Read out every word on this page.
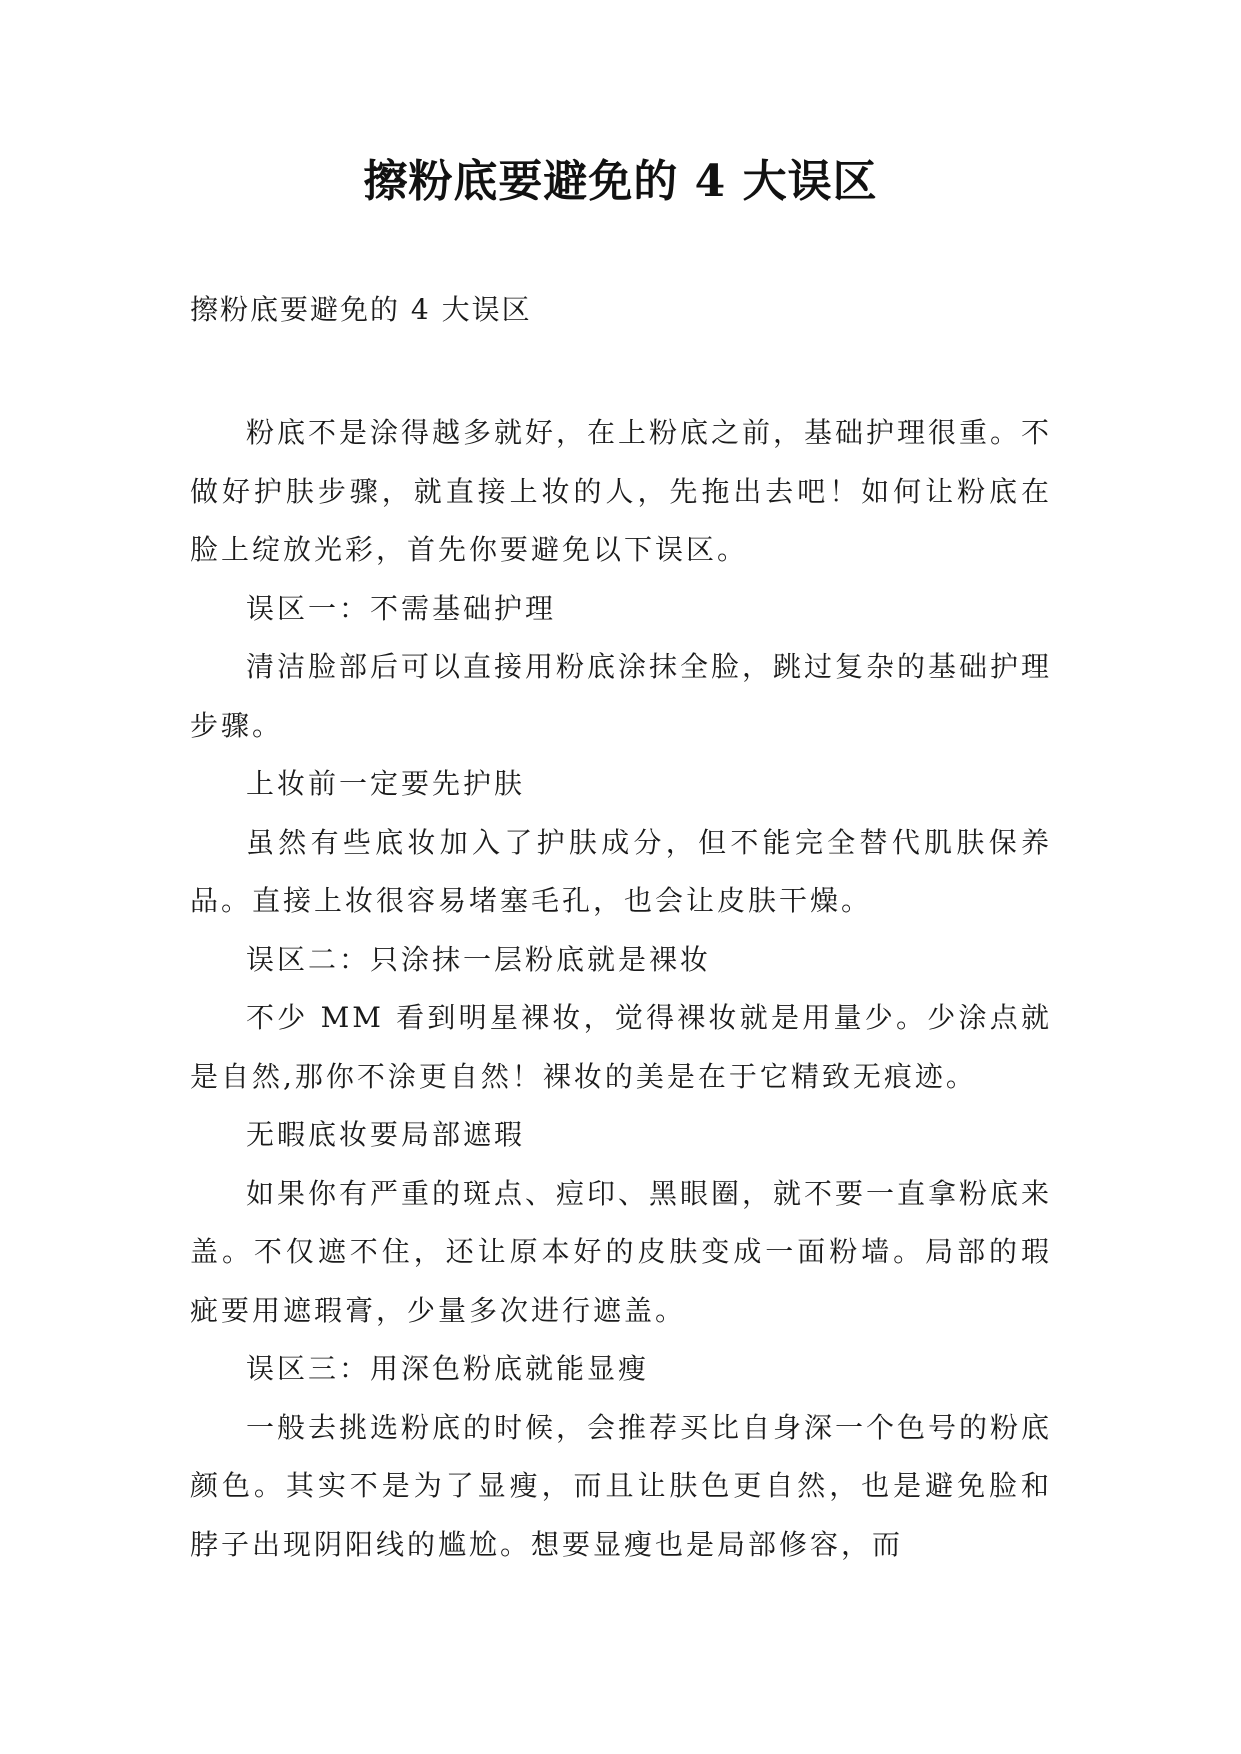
擦粉底要避免的 4 大误区

擦粉底要避免的 4 大误区

粉底不是涂得越多就好，在上粉底之前，基础护理很重。不做好护肤步骤，就直接上妆的人，先拖出去吧！如何让粉底在脸上绽放光彩，首先你要避免以下误区。

误区一：不需基础护理

清洁脸部后可以直接用粉底涂抹全脸，跳过复杂的基础护理步骤。

上妆前一定要先护肤

虽然有些底妆加入了护肤成分，但不能完全替代肌肤保养品。直接上妆很容易堵塞毛孔，也会让皮肤干燥。

误区二：只涂抹一层粉底就是裸妆

不少 MM 看到明星裸妆，觉得裸妆就是用量少。少涂点就是自然,那你不涂更自然！裸妆的美是在于它精致无痕迹。

无暇底妆要局部遮瑕

如果你有严重的斑点、痘印、黑眼圈，就不要一直拿粉底来盖。不仅遮不住，还让原本好的皮肤变成一面粉墙。局部的瑕疵要用遮瑕膏，少量多次进行遮盖。

误区三：用深色粉底就能显瘦

一般去挑选粉底的时候，会推荐买比自身深一个色号的粉底颜色。其实不是为了显瘦，而且让肤色更自然，也是避免脸和脖子出现阴阳线的尴尬。想要显瘦也是局部修容，而
